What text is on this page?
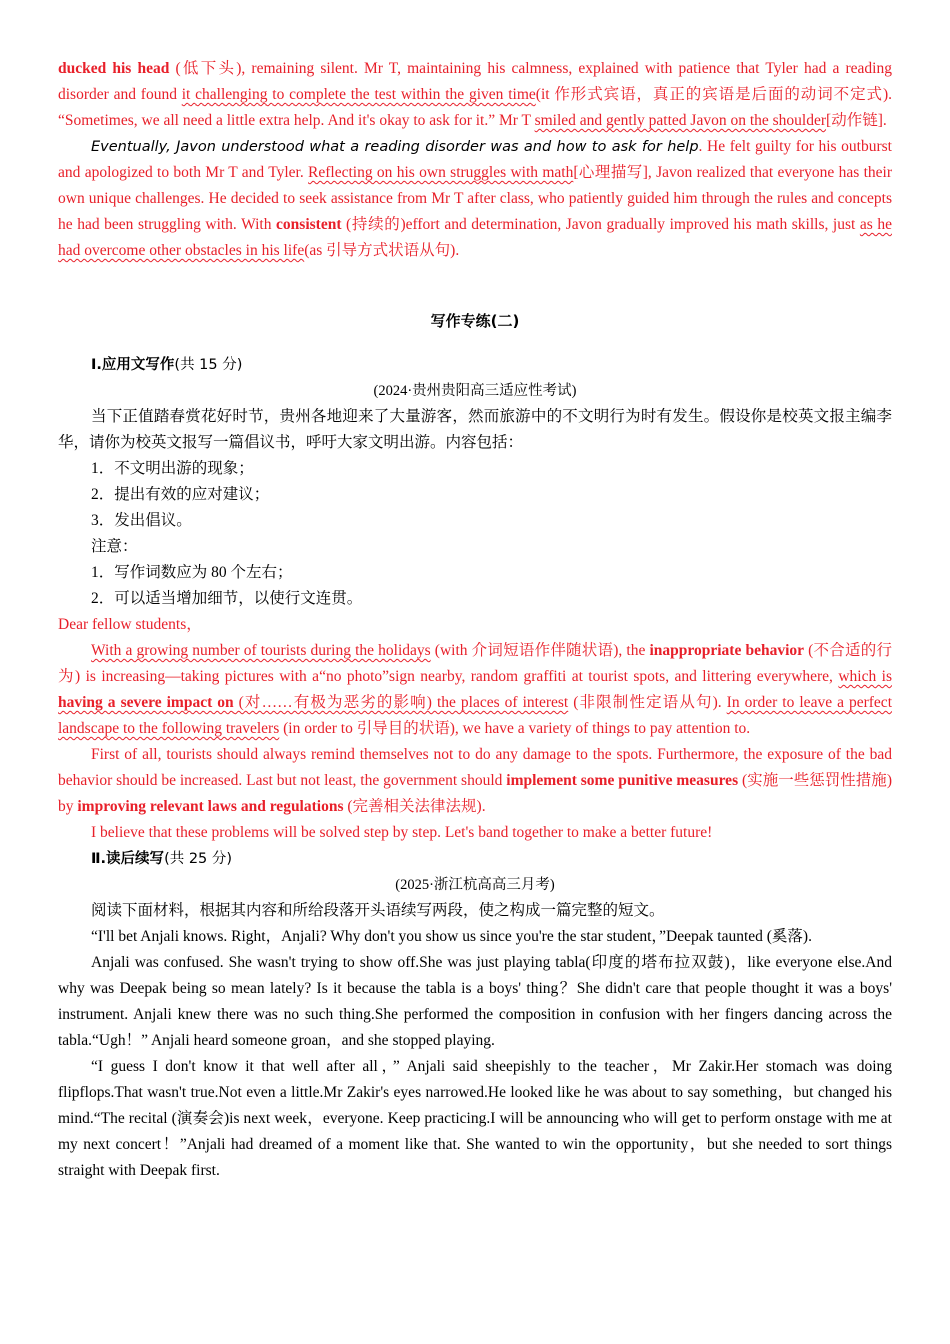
ducked his head (低下头), remaining silent. Mr T, maintaining his calmness, explained with patience that Tyler had a reading disorder and found it challenging to complete the test within the given time(it 作形式宾语，真正的宾语是后面的动词不定式). “Sometimes, we all need a little extra help. And it's okay to ask for it.” Mr T smiled and gently patted Javon on the shoulder[动作链].

Eventually, Javon understood what a reading disorder was and how to ask for help. He felt guilty for his outburst and apologized to both Mr T and Tyler. Reflecting on his own struggles with math[心理描写], Javon realized that everyone has their own unique challenges. He decided to seek assistance from Mr T after class, who patiently guided him through the rules and concepts he had been struggling with. With consistent (持续的)effort and determination, Javon gradually improved his math skills, just as he had overcome other obstacles in his life(as 引导方式状语从句).

写作专练(二)
Ⅰ.应用文写作(共 15 分)
(2024·贵州贵阳高三适应性考试)

当下正值踏春赏花好时节，贵州各地迎来了大量游客，然而旅游中的不文明行为时有发生。假设你是校英文报主编李华，请你为校英文报写一篇倡议书，呼吁大家文明出游。内容包括：

1．不文明出游的现象；
2．提出有效的应对建议；
3．发出倡议。
注意：
1．写作词数应为 80 个左右；
2．可以适当增加细节，以使行文连贯。

Dear fellow students，

With a growing number of tourists during the holidays (with 介词短语作伴随状语), the inappropriate behavior (不合适的行为) is increasing—taking pictures with a“no photo”sign nearby, random graffiti at tourist spots, and littering everywhere, which is having a severe impact on (对……有极为恶劣的影响) the places of interest (非限制性定语从句). In order to leave a perfect landscape to the following travelers (in order to 引导目的状语), we have a variety of things to pay attention to.

First of all, tourists should always remind themselves not to do any damage to the spots. Furthermore, the exposure of the bad behavior should be increased. Last but not least, the government should implement some punitive measures (实施一些惩罚性措施) by improving relevant laws and regulations (完善相关法律法规).

I believe that these problems will be solved step by step. Let's band together to make a better future!

Ⅱ.读后续写(共 25 分)
(2025·浙江杭高高三月考)

阅读下面材料，根据其内容和所给段落开头语续写两段，使之构成一篇完整的短文。

“I'll bet Anjali knows. Right，Anjali? Why don't you show us since you're the star student，”Deepak taunted (奚落).

Anjali was confused. She wasn't trying to show off.She was just playing tabla(印度的塔布拉双鼓)，like everyone else.And why was Deepak being so mean lately? Is it because the tabla is a boys' thing？She didn't care that people thought it was a boys' instrument. Anjali knew there was no such thing.She performed the composition in confusion with her fingers dancing across the tabla.“Ugh！” Anjali heard someone groan，and she stopped playing.

“I guess I don't know it that well after all，” Anjali said sheepishly to the teacher，Mr Zakir.Her stomach was doing flipflops.That wasn't true.Not even a little.Mr Zakir's eyes narrowed.He looked like he was about to say something，but changed his mind.“The recital (演奏会)is next week，everyone. Keep practicing.I will be announcing who will get to perform onstage with me at my next concert！”Anjali had dreamed of a moment like that. She wanted to win the opportunity，but she needed to sort things straight with Deepak first.
